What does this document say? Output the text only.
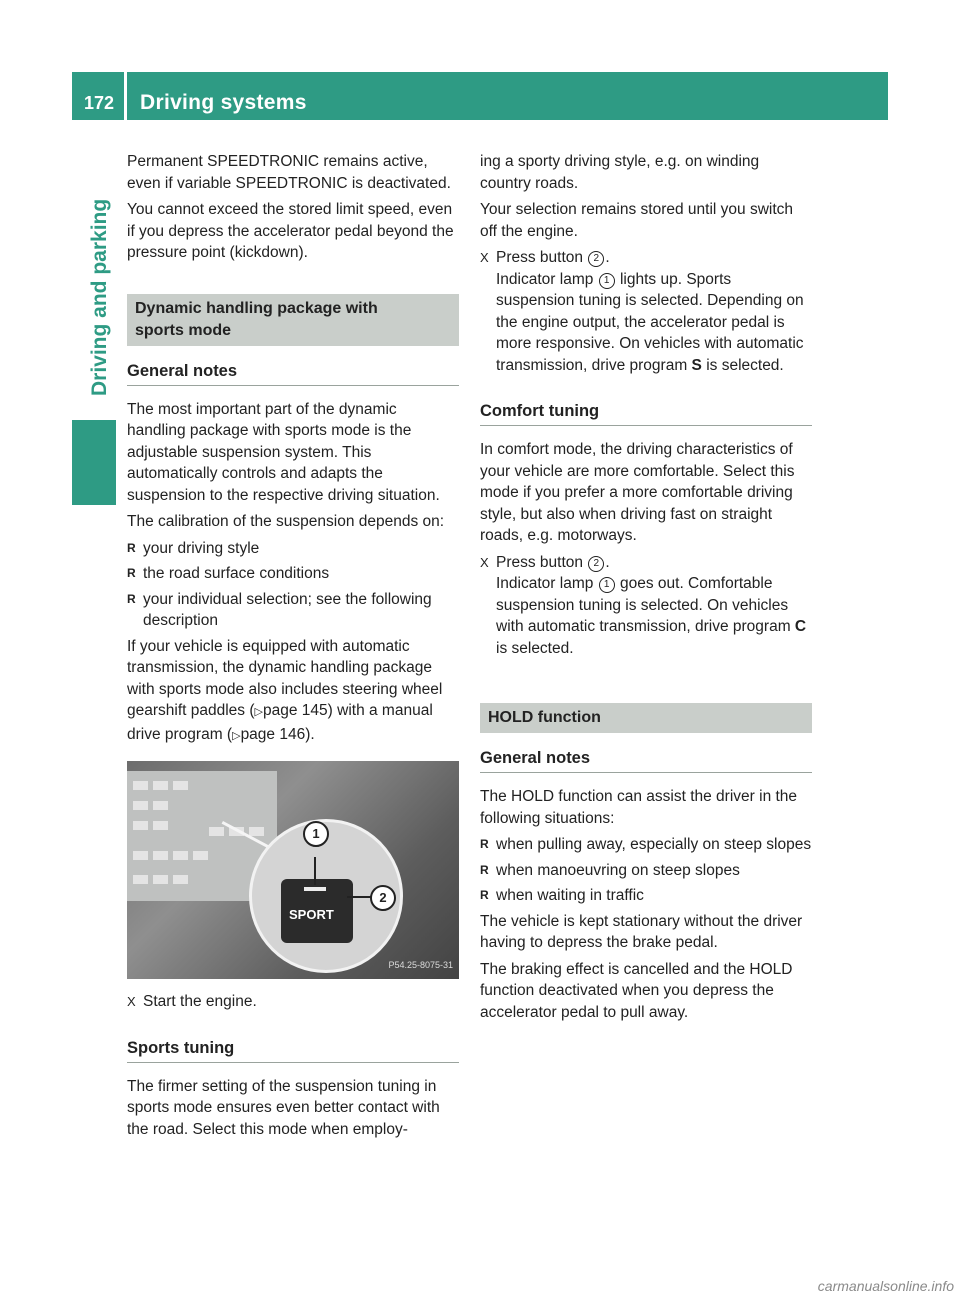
172	Driving systems
Driving and parking

Permanent SPEEDTRONIC remains active, even if variable SPEEDTRONIC is deactivated.

You cannot exceed the stored limit speed, even if you depress the accelerator pedal beyond the pressure point (kickdown).

Dynamic handling package with
sports mode
General notes

The most important part of the dynamic handling package with sports mode is the adjustable suspension system. This automatically controls and adapts the suspension to the respective driving situation.

The calibration of the suspension depends on:

R your driving style
R the road surface conditions
R your individual selection; see the following description

If your vehicle is equipped with automatic transmission, the dynamic handling package with sports mode also includes steering wheel gearshift paddles (▷page 145) with a manual drive program (▷page 146).

SPORT
1
2
P54.25-8075-31
X Start the engine.
Sports tuning

The firmer setting of the suspension tuning in sports mode ensures even better contact with the road. Select this mode when employ-

ing a sporty driving style, e.g. on winding country roads.

Your selection remains stored until you switch off the engine.

X Press button 2 .
Indicator lamp 1 lights up. Sports suspension tuning is selected. Depending on the engine output, the accelerator pedal is more responsive. On vehicles with automatic transmission, drive program S is selected.
Comfort tuning

In comfort mode, the driving characteristics of your vehicle are more comfortable. Select this mode if you prefer a more comfortable driving style, but also when driving fast on straight roads, e.g. motorways.

X Press button 2 .
Indicator lamp 1 goes out. Comfortable suspension tuning is selected. On vehicles with automatic transmission, drive program C is selected.
HOLD function
General notes

The HOLD function can assist the driver in the following situations:

R when pulling away, especially on steep slopes
R when manoeuvring on steep slopes
R when waiting in traffic

The vehicle is kept stationary without the driver having to depress the brake pedal.

The braking effect is cancelled and the HOLD function deactivated when you depress the accelerator pedal to pull away.

carmanualsonline.info
